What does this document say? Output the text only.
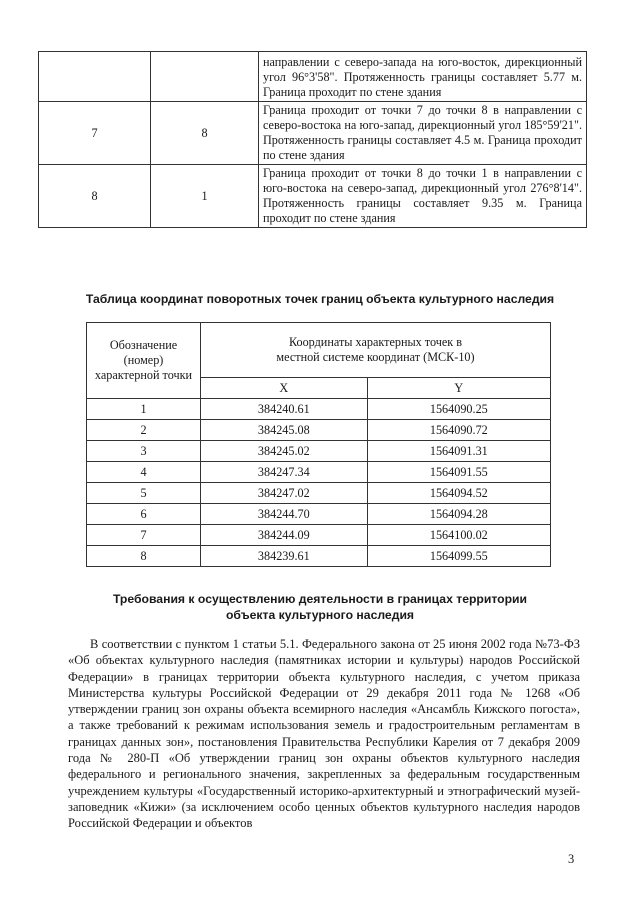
		направлении с северо-запада на юго-восток, дирекционный угол 96°3'58". Протяженность границы составляет 5.77 м. Граница проходит по стене здания
7	8	Граница проходит от точки 7 до точки 8 в направлении с северо-востока на юго-запад, дирекционный угол 185°59'21". Протяженность границы составляет 4.5 м. Граница проходит по стене здания
8	1	Граница проходит от точки 8 до точки 1 в направлении с юго-востока на северо-запад, дирекционный угол 276°8'14". Протяженность границы составляет 9.35 м. Граница проходит по стене здания
Таблица координат поворотных точек границ объекта культурного наследия
Обозначение (номер) характерной точки	Координаты характерных точек в местной системе координат (МСК-10)	
	X	Y
1	384240.61	1564090.25
2	384245.08	1564090.72
3	384245.02	1564091.31
4	384247.34	1564091.55
5	384247.02	1564094.52
6	384244.70	1564094.28
7	384244.09	1564100.02
8	384239.61	1564099.55
Требования к осуществлению деятельности в границах территории
объекта культурного наследия
В соответствии с пунктом 1 статьи 5.1. Федерального закона от 25 июня 2002 года №73-ФЗ «Об объектах культурного наследия (памятниках истории и культуры) народов Российской Федерации» в границах территории объекта культурного наследия, с учетом приказа Министерства культуры Российской Федерации от 29 декабря 2011 года № 1268 «Об утверждении границ зон охраны объекта всемирного наследия «Ансамбль Кижского погоста», а также требований к режимам использования земель и градостроительным регламентам в границах данных зон», постановления Правительства Республики Карелия от 7 декабря 2009 года № 280-П «Об утверждении границ зон охраны объектов культурного наследия федерального и регионального значения, закрепленных за федеральным государственным учреждением культуры «Государственный историко-архитектурный и этнографический музей-заповедник «Кижи» (за исключением особо ценных объектов культурного наследия народов Российской Федерации и объектов
3
